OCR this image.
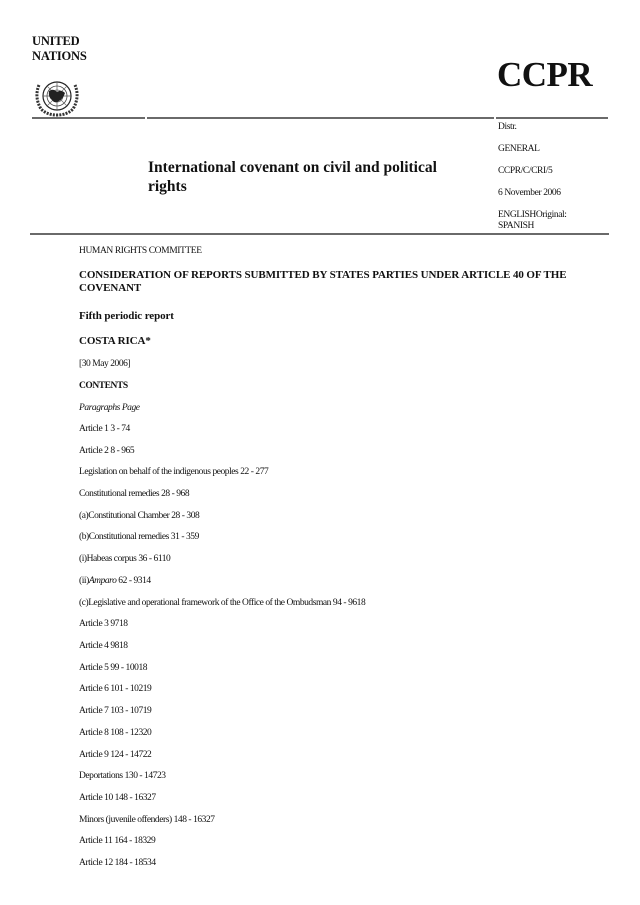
UNITED
NATIONS	CCPR
International covenant on civil and political rights
Distr.
GENERAL
CCPR/C/CRI/5
6 November 2006
ENGLISHOriginal: SPANISH
HUMAN RIGHTS COMMITTEE
CONSIDERATION OF REPORTS SUBMITTED BY STATES PARTIES UNDER ARTICLE 40 OF THE COVENANT
Fifth periodic report
COSTA RICA*
[30 May 2006]
CONTENTS
Paragraphs Page
Article 1 3 - 74
Article 2 8 - 965
Legislation on behalf of the indigenous peoples 22 - 277
Constitutional remedies 28 - 968
(a)Constitutional Chamber 28 - 308
(b)Constitutional remedies 31 - 359
(i)Habeas corpus 36 - 6110
(ii)Amparo 62 - 9314
(c)Legislative and operational framework of the Office of the Ombudsman 94 - 9618
Article 3 9718
Article 4 9818
Article 5 99 - 10018
Article 6 101 - 10219
Article 7 103 - 10719
Article 8 108 - 12320
Article 9 124 - 14722
Deportations 130 - 14723
Article 10 148 - 16327
Minors (juvenile offenders) 148 - 16327
Article 11 164 - 18329
Article 12 184 - 18534
